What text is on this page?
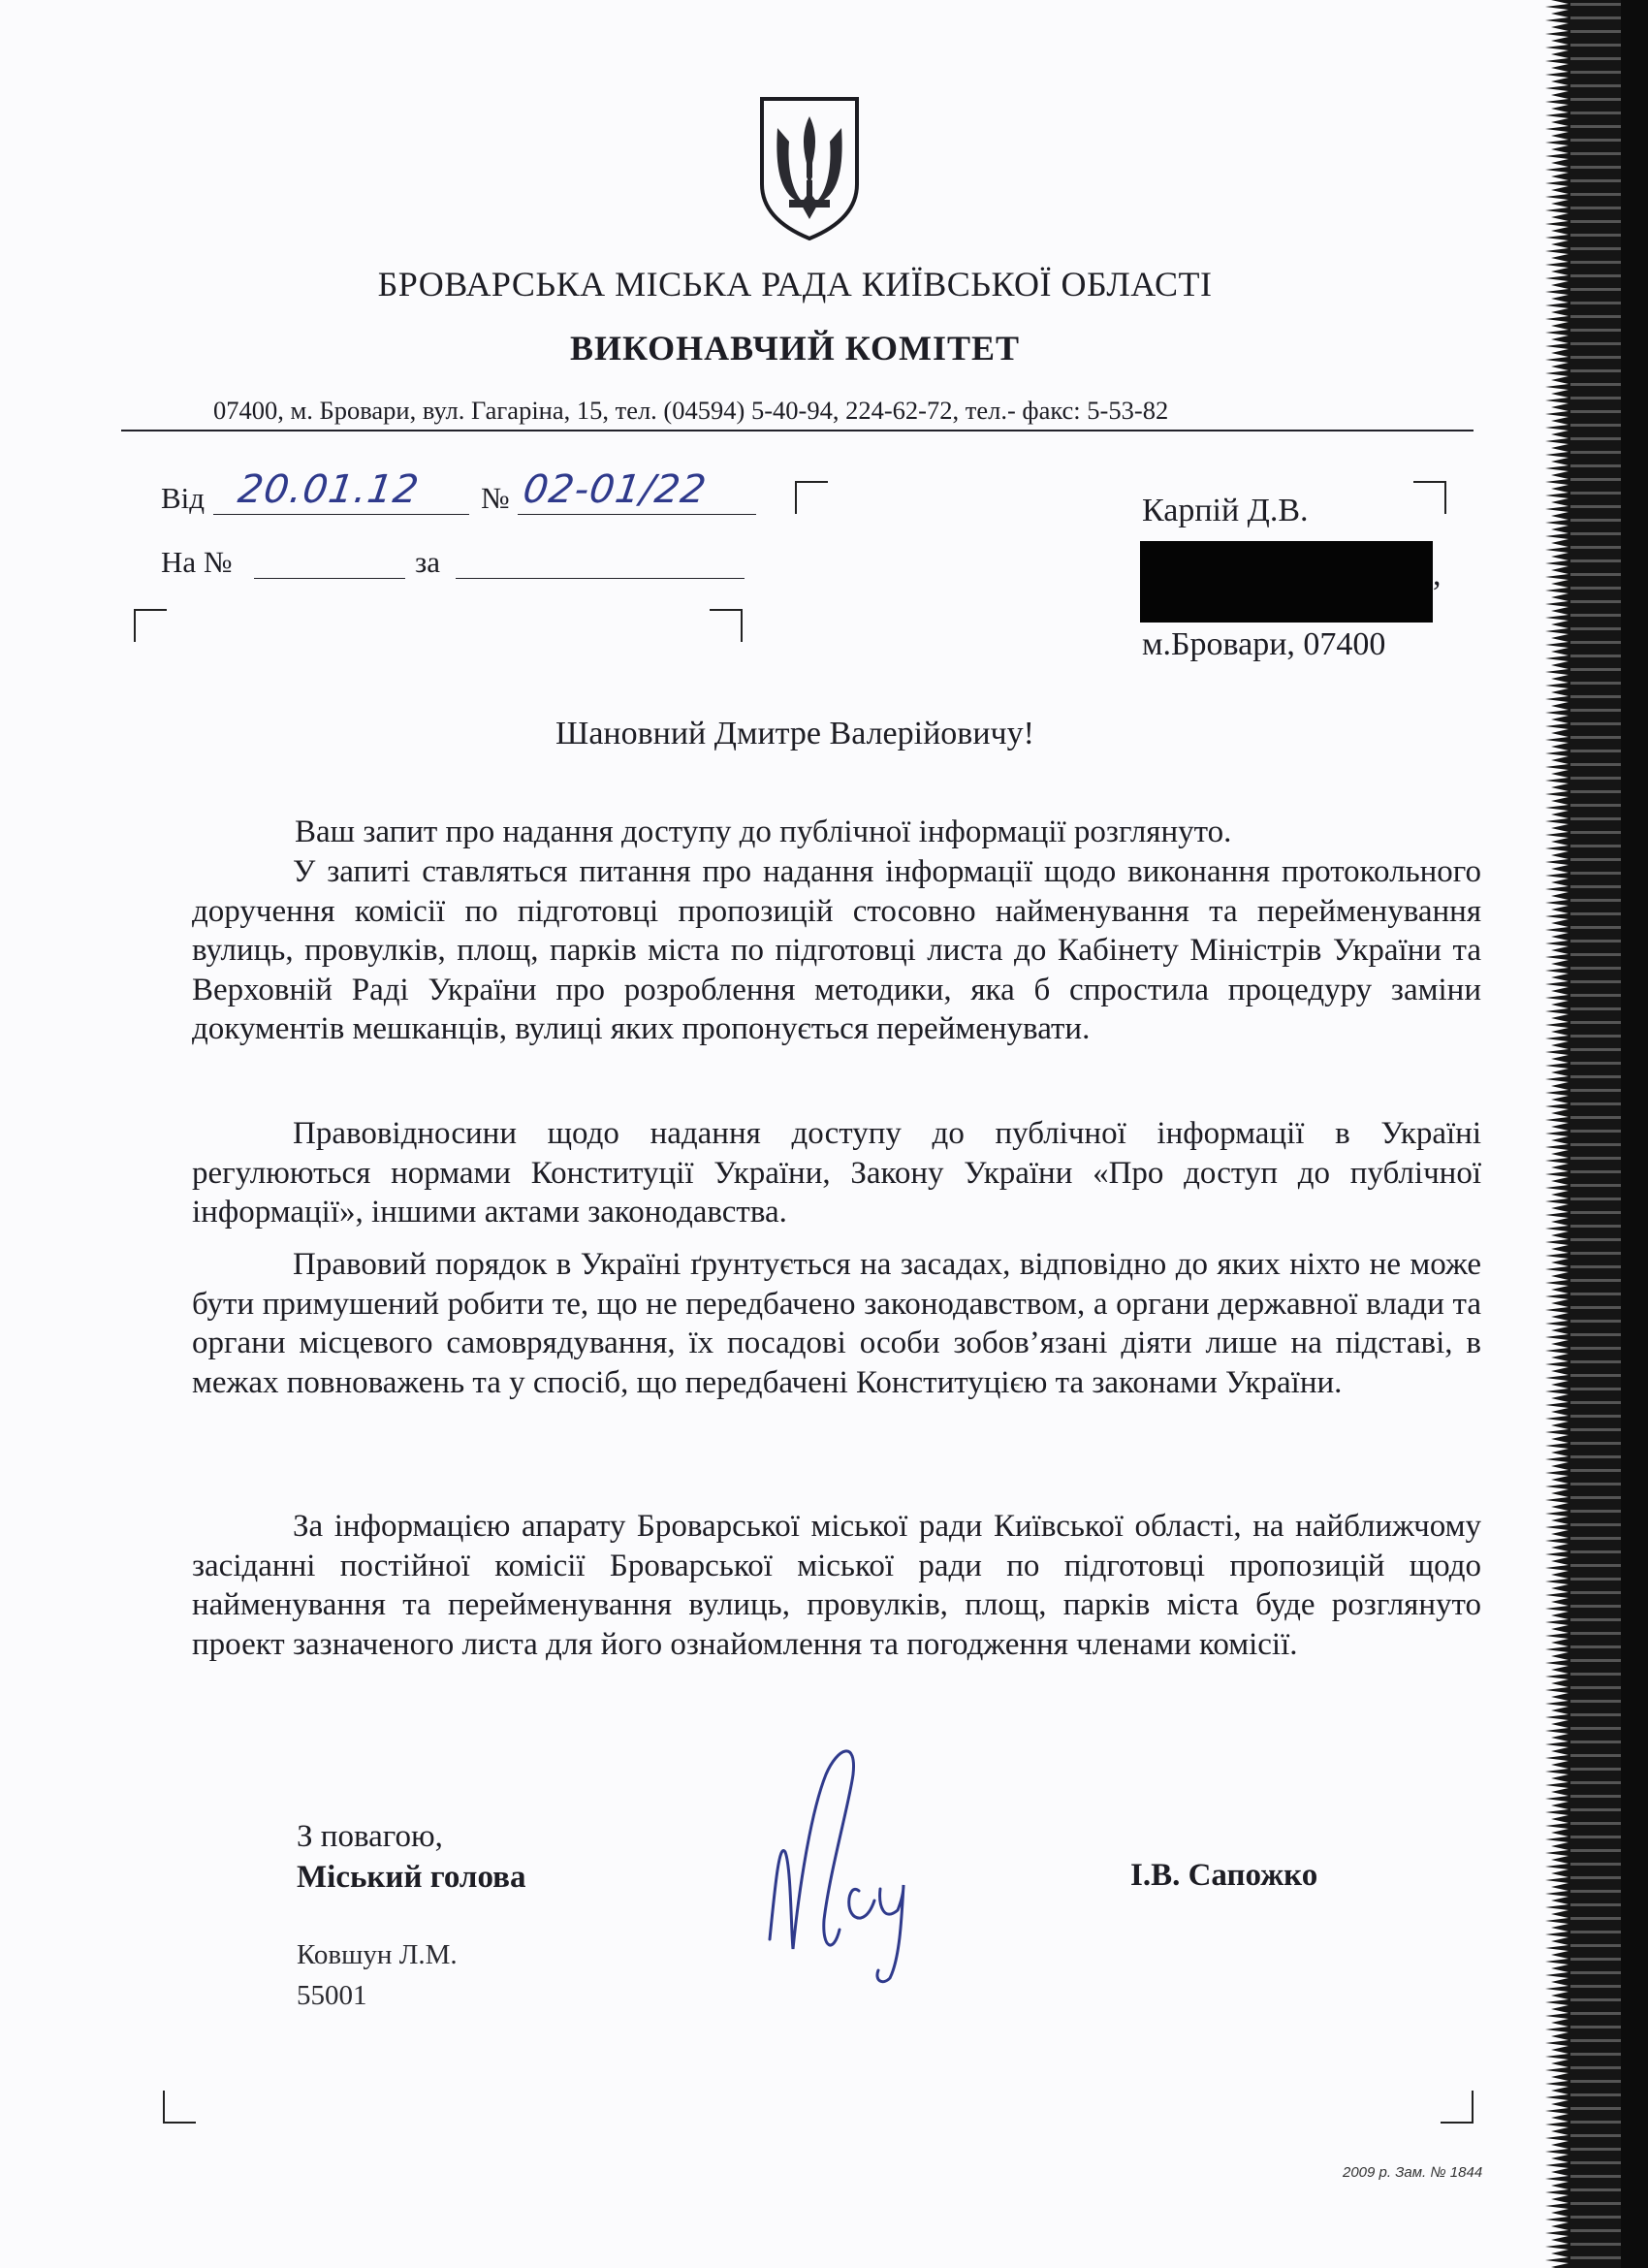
БРОВАРСЬКА МІСЬКА РАДА КИЇВСЬКОЇ ОБЛАСТІ
ВИКОНАВЧИЙ КОМІТЕТ
07400, м. Бровари, вул. Гагаріна, 15, тел. (04594) 5-40-94, 224-62-72, тел.- факс: 5-53-82
Від 20.01.12 № 02-01/22
На №	за
Карпій Д.В.
,
м.Бровари, 07400
Шановний Дмитре Валерійовичу!

Ваш запит про надання доступу до публічної інформації розглянуто.

У запиті ставляться питання про надання інформації щодо виконання протокольного доручення комісії по підготовці пропозицій стосовно найменування та перейменування вулиць, провулків, площ, парків міста по підготовці листа до Кабінету Міністрів України та Верховній Раді України про розроблення методики, яка б спростила процедуру заміни документів мешканців, вулиці яких пропонується перейменувати.

Правовідносини щодо надання доступу до публічної інформації в Україні регулюються нормами Конституції України, Закону України «Про доступ до публічної інформації», іншими актами законодавства.

Правовий порядок в Україні ґрунтується на засадах, відповідно до яких ніхто не може бути примушений робити те, що не передбачено законодавством, а органи державної влади та органи місцевого самоврядування, їх посадові особи зобов’язані діяти лише на підставі, в межах повноважень та у спосіб, що передбачені Конституцією та законами України.

За інформацією апарату Броварської міської ради Київської області, на найближчому засіданні постійної комісії Броварської міської ради по підготовці пропозицій щодо найменування та перейменування вулиць, провулків, площ, парків міста буде розглянуто проект зазначеного листа для його ознайомлення та погодження членами комісії.

З повагою,
Міський голова	І.В. Сапожко
Ковшун Л.М.
55001
2009 р. Зам. № 1844
